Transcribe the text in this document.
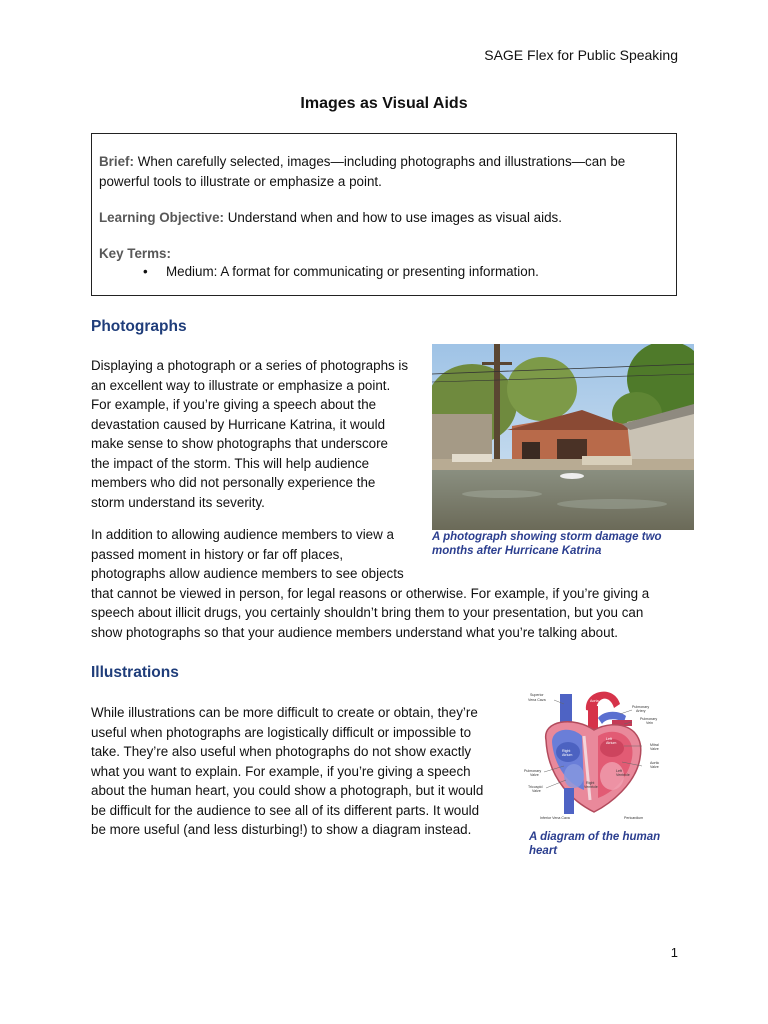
SAGE Flex for Public Speaking
Images as Visual Aids

Brief: When carefully selected, images—including photographs and illustrations—can be

powerful tools to illustrate or emphasize a point.

Learning Objective: Understand when and how to use images as visual aids.

Key Terms:

• Medium: A format for communicating or presenting information.
Photographs

Displaying a photograph or a series of photographs is

an excellent way to illustrate or emphasize a point.

For example, if you’re giving a speech about the

devastation caused by Hurricane Katrina, it would

make sense to show photographs that underscore

the impact of the storm. This will help audience

members who did not personally experience the

storm understand its severity.

In addition to allowing audience members to view a

passed moment in history or far off places,

photographs allow audience members to see objects

that cannot be viewed in person, for legal reasons or otherwise. For example, if you’re giving a

speech about illicit drugs, you certainly shouldn’t bring them to your presentation, but you can

show photographs so that your audience members understand what you’re talking about.

A photograph showing storm damage two
months after Hurricane Katrina
Illustrations

While illustrations can be more difficult to create or obtain, they’re

useful when photographs are logistically difficult or impossible to

take. They’re also useful when photographs do not show exactly

what you want to explain. For example, if you’re giving a speech

about the human heart, you could show a photograph, but it would

be difficult for the audience to see all of its different parts. It would

be more useful (and less disturbing!) to show a diagram instead.

Superior
Vena Cava	Aorta
Pulmonary
Artery
Pulmonary
Vein
Mitral
Valve
Aortic
Valve
Pulmonary
Valve
Tricuspid
Valve
Right
Atrium
Left
Atrium
Left
Ventricle
Right
Ventricle
Inferior Vena Cava	Pericardium
A diagram of the human
heart
1
